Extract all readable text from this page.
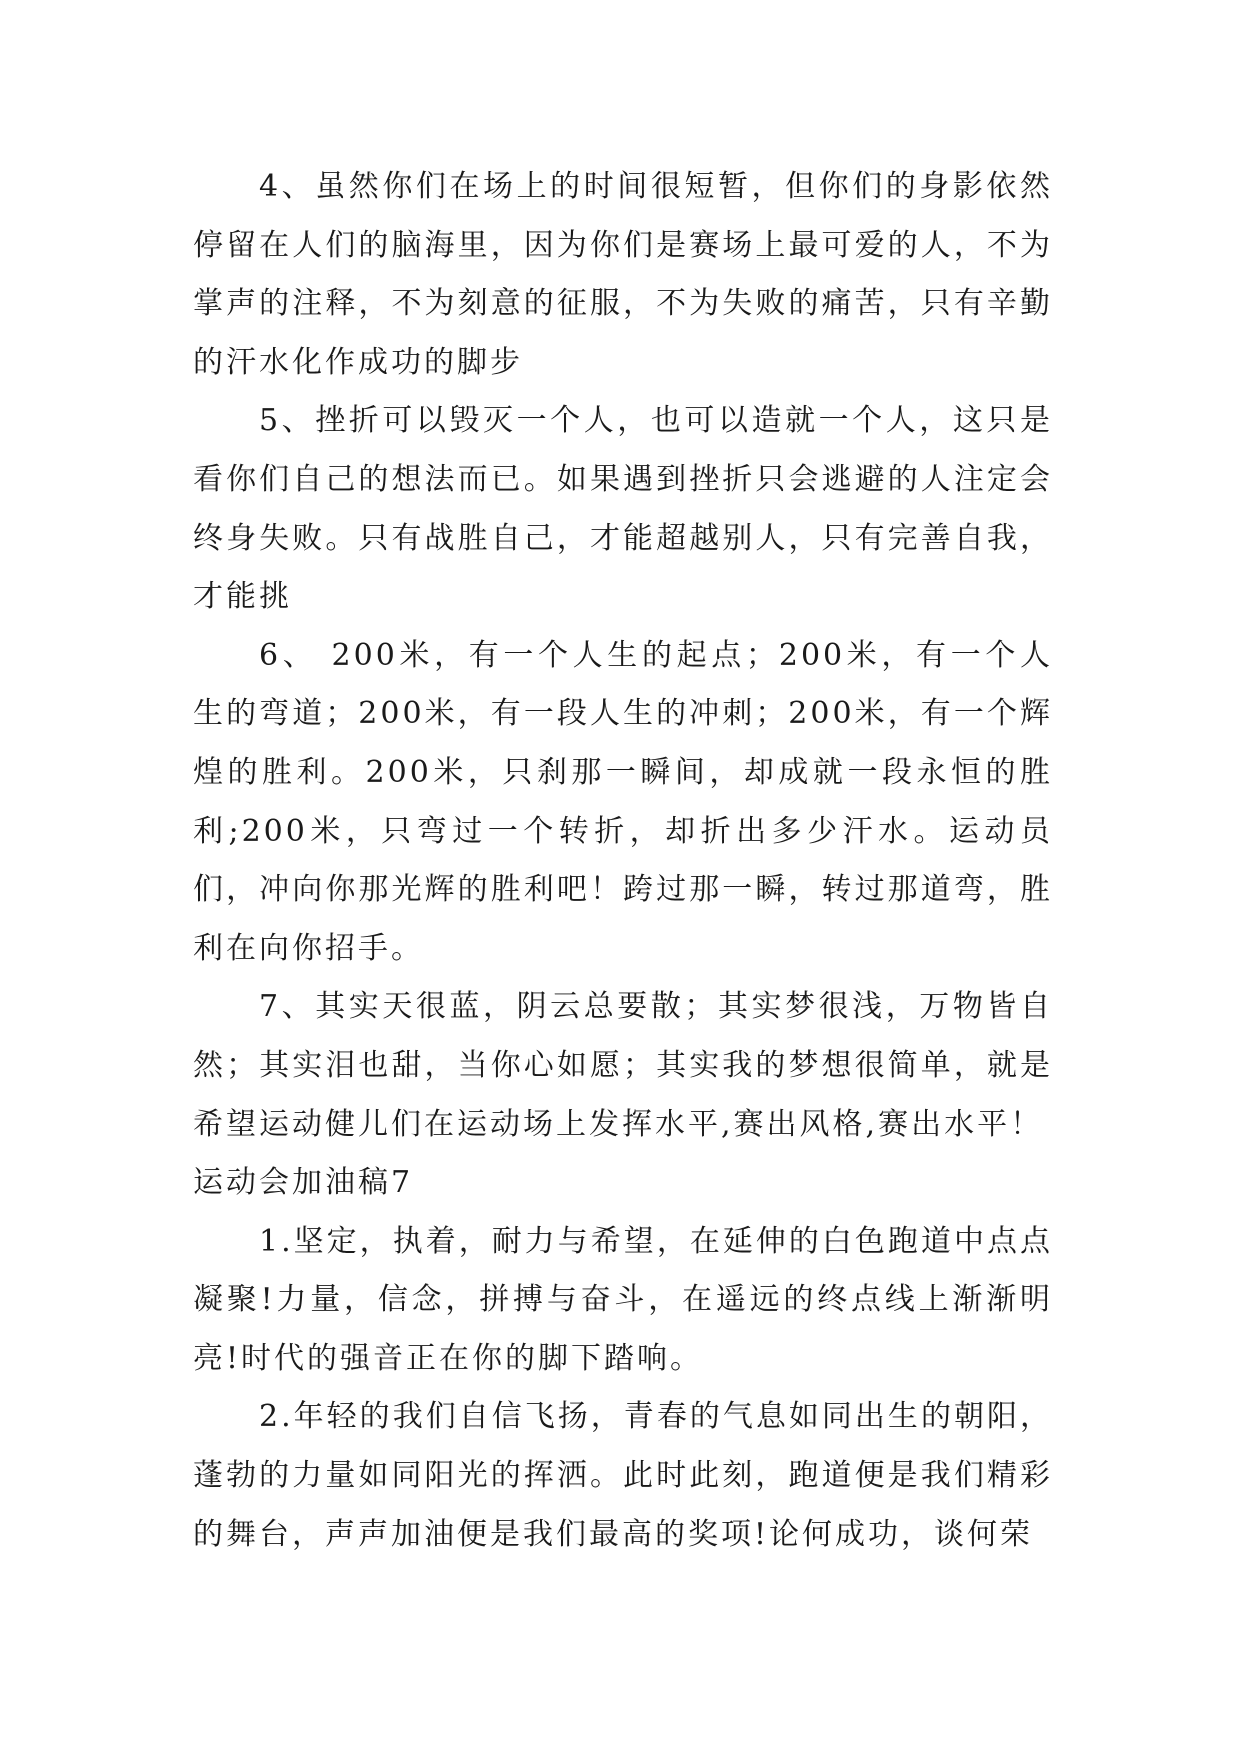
4、虽然你们在场上的时间很短暂，但你们的身影依然停留在人们的脑海里，因为你们是赛场上最可爱的人，不为掌声的注释，不为刻意的征服，不为失败的痛苦，只有辛勤的汗水化作成功的脚步

5、挫折可以毁灭一个人，也可以造就一个人，这只是看你们自己的想法而已。如果遇到挫折只会逃避的人注定会终身失败。只有战胜自己，才能超越别人，只有完善自我，才能挑

6、 200米，有一个人生的起点；200米，有一个人生的弯道；200米，有一段人生的冲刺；200米，有一个辉煌的胜利。200米，只刹那一瞬间，却成就一段永恒的胜利;200米，只弯过一个转折，却折出多少汗水。运动员们，冲向你那光辉的胜利吧！跨过那一瞬，转过那道弯，胜利在向你招手。

7、其实天很蓝，阴云总要散；其实梦很浅，万物皆自然；其实泪也甜，当你心如愿；其实我的梦想很简单，就是希望运动健儿们在运动场上发挥水平,赛出风格,赛出水平！

运动会加油稿7

1.坚定，执着，耐力与希望，在延伸的白色跑道中点点凝聚!力量，信念，拼搏与奋斗，在遥远的终点线上渐渐明亮!时代的强音正在你的脚下踏响。

2.年轻的我们自信飞扬，青春的气息如同出生的朝阳，蓬勃的力量如同阳光的挥洒。此时此刻，跑道便是我们精彩的舞台，声声加油便是我们最高的奖项!论何成功，谈何荣
